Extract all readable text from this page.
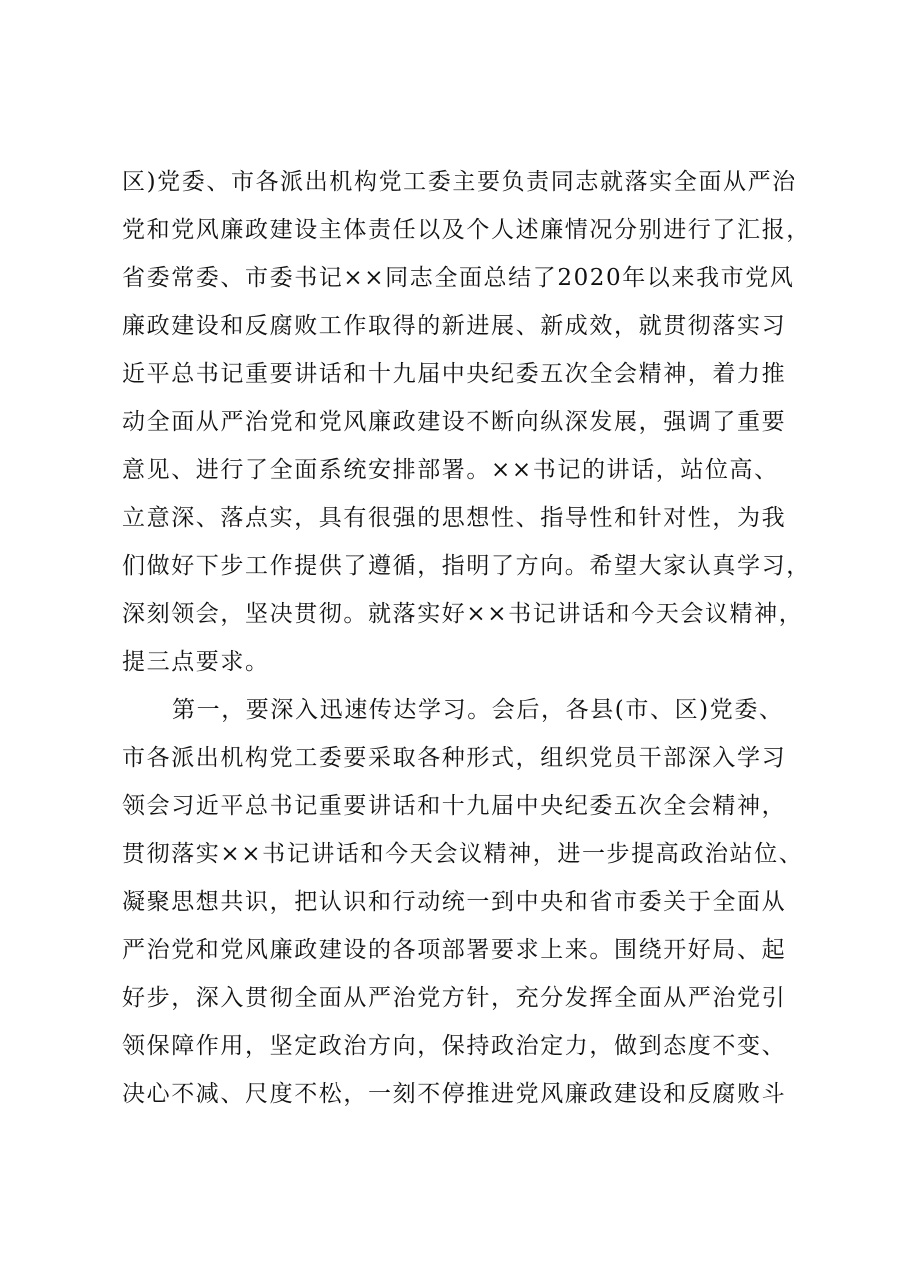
区)党委、市各派出机构党工委主要负责同志就落实全面从严治
党和党风廉政建设主体责任以及个人述廉情况分别进行了汇报，
省委常委、市委书记××同志全面总结了2020年以来我市党风
廉政建设和反腐败工作取得的新进展、新成效，就贯彻落实习
近平总书记重要讲话和十九届中央纪委五次全会精神，着力推
动全面从严治党和党风廉政建设不断向纵深发展，强调了重要
意见、进行了全面系统安排部署。××书记的讲话，站位高、
立意深、落点实，具有很强的思想性、指导性和针对性，为我
们做好下步工作提供了遵循，指明了方向。希望大家认真学习，
深刻领会，坚决贯彻。就落实好××书记讲话和今天会议精神，
提三点要求。
第一，要深入迅速传达学习。会后，各县(市、区)党委、
市各派出机构党工委要采取各种形式，组织党员干部深入学习
领会习近平总书记重要讲话和十九届中央纪委五次全会精神，
贯彻落实××书记讲话和今天会议精神，进一步提高政治站位、
凝聚思想共识，把认识和行动统一到中央和省市委关于全面从
严治党和党风廉政建设的各项部署要求上来。围绕开好局、起
好步，深入贯彻全面从严治党方针，充分发挥全面从严治党引
领保障作用，坚定政治方向，保持政治定力，做到态度不变、
决心不减、尺度不松，一刻不停推进党风廉政建设和反腐败斗
